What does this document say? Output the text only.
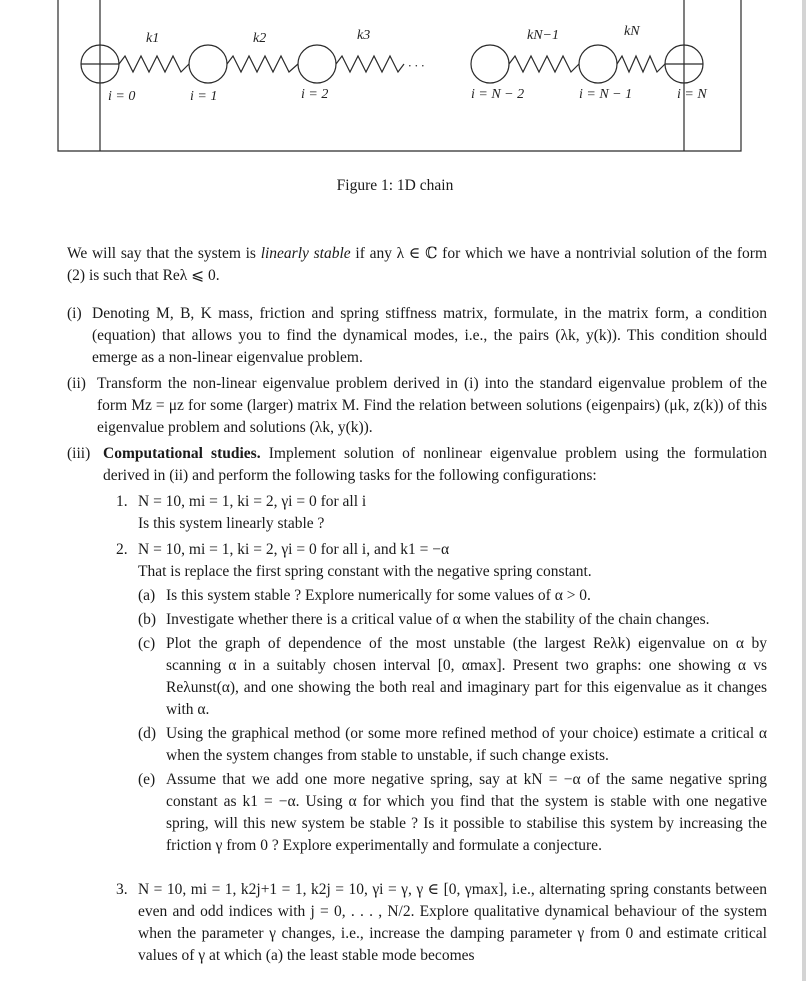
· · ·
k1	k2	k3	kN−1	kN
i = 0	i = 1	i = 2	i = N − 2	i = N − 1	i = N
Figure 1: 1D chain
We will say that the system is linearly stable if any λ ∈ ℂ for which we have a nontrivial solution of the form (2) is such that Reλ ⩽ 0.
(i) Denoting M, B, K mass, friction and spring stiffness matrix, formulate, in the matrix form, a condition (equation) that allows you to find the dynamical modes, i.e., the pairs (λk, y(k)). This condition should emerge as a non-linear eigenvalue problem.
(ii) Transform the non-linear eigenvalue problem derived in (i) into the standard eigenvalue problem of the form Mz = μz for some (larger) matrix M. Find the relation between solutions (eigenpairs) (μk, z(k)) of this eigenvalue problem and solutions (λk, y(k)).
(iii) Computational studies. Implement solution of nonlinear eigenvalue problem using the formulation derived in (ii) and perform the following tasks for the following configurations:
1. N = 10, mi = 1, ki = 2, γi = 0 for all i
Is this system linearly stable ?
2. N = 10, mi = 1, ki = 2, γi = 0 for all i, and k1 = −α
That is replace the first spring constant with the negative spring constant.
(a) Is this system stable ? Explore numerically for some values of α > 0.
(b) Investigate whether there is a critical value of α when the stability of the chain changes.
(c) Plot the graph of dependence of the most unstable (the largest Reλk) eigenvalue on α by scanning α in a suitably chosen interval [0, αmax]. Present two graphs: one showing α vs Reλunst(α), and one showing the both real and imaginary part for this eigenvalue as it changes with α.
(d) Using the graphical method (or some more refined method of your choice) estimate a critical α when the system changes from stable to unstable, if such change exists.
(e) Assume that we add one more negative spring, say at kN = −α of the same negative spring constant as k1 = −α. Using α for which you find that the system is stable with one negative spring, will this new system be stable ? Is it possible to stabilise this system by increasing the friction γ from 0 ? Explore experimentally and formulate a conjecture.
3. N = 10, mi = 1, k2j+1 = 1, k2j = 10, γi = γ, γ ∈ [0, γmax], i.e., alternating spring constants between even and odd indices with j = 0, . . . , N/2. Explore qualitative dynamical behaviour of the system when the parameter γ changes, i.e., increase the damping parameter γ from 0 and estimate critical values of γ at which (a) the least stable mode becomes
